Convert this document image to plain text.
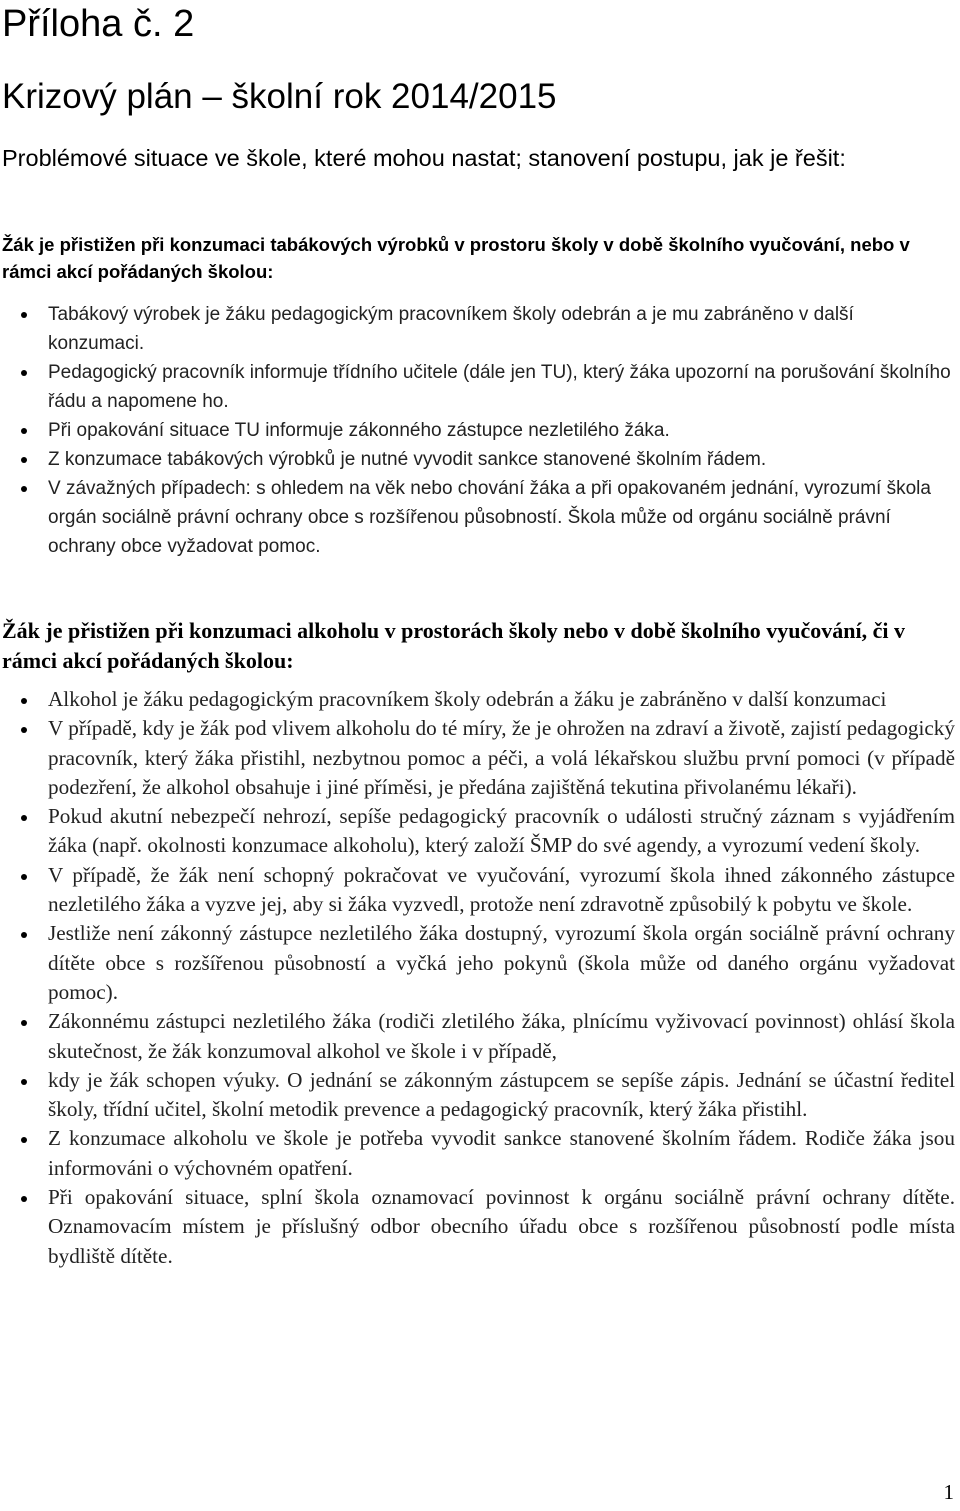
Příloha č. 2
Krizový plán – školní rok 2014/2015
Problémové situace ve škole, které mohou nastat; stanovení postupu, jak je řešit:
Žák je přistižen při konzumaci tabákových výrobků v prostoru školy v době školního vyučování, nebo v rámci akcí pořádaných školou:
Tabákový výrobek je žáku pedagogickým pracovníkem školy odebrán a je mu zabráněno v další konzumaci.
Pedagogický pracovník informuje třídního učitele (dále jen TU), který žáka upozorní na porušování školního řádu a napomene ho.
Při opakování situace TU informuje zákonného zástupce nezletilého žáka.
Z konzumace tabákových výrobků je nutné vyvodit sankce stanovené školním řádem.
V závažných případech: s ohledem na věk nebo chování žáka a při opakovaném jednání, vyrozumí škola orgán sociálně právní ochrany obce s rozšířenou působností. Škola může od orgánu sociálně právní ochrany obce vyžadovat pomoc.
Žák je přistižen při konzumaci alkoholu v prostorách školy nebo v době školního vyučování, či v rámci akcí pořádaných školou:
Alkohol je žáku pedagogickým pracovníkem školy odebrán a žáku je zabráněno v další konzumaci
V případě, kdy je žák pod vlivem alkoholu do té míry, že je ohrožen na zdraví a životě, zajistí pedagogický pracovník, který žáka přistihl, nezbytnou pomoc a péči, a volá lékařskou službu první pomoci (v případě podezření, že alkohol obsahuje i jiné příměsi, je předána zajištěná tekutina přivolanému lékaři).
Pokud akutní nebezpečí nehrozí, sepíše pedagogický pracovník o události stručný záznam s vyjádřením žáka (např. okolnosti konzumace alkoholu), který založí ŠMP do své agendy, a vyrozumí vedení školy.
V případě, že žák není schopný pokračovat ve vyučování, vyrozumí škola ihned zákonného zástupce nezletilého žáka a vyzve jej, aby si žáka vyzvedl, protože není zdravotně způsobilý k pobytu ve škole.
Jestliže není zákonný zástupce nezletilého žáka dostupný, vyrozumí škola orgán sociálně právní ochrany dítěte obce s rozšířenou působností a vyčká jeho pokynů (škola může od daného orgánu vyžadovat pomoc).
Zákonnému zástupci nezletilého žáka (rodiči zletilého žáka, plnícímu vyživovací povinnost) ohlásí škola skutečnost, že žák konzumoval alkohol ve škole i v případě,
kdy je žák schopen výuky. O jednání se zákonným zástupcem se sepíše zápis. Jednání se účastní ředitel školy, třídní učitel, školní metodik prevence a pedagogický pracovník, který žáka přistihl.
Z konzumace alkoholu ve škole je potřeba vyvodit sankce stanovené školním řádem. Rodiče žáka jsou informováni o výchovném opatření.
Při opakování situace, splní škola oznamovací povinnost k orgánu sociálně právní ochrany dítěte. Oznamovacím místem je příslušný odbor obecního úřadu obce s rozšířenou působností podle místa bydliště dítěte.
1
